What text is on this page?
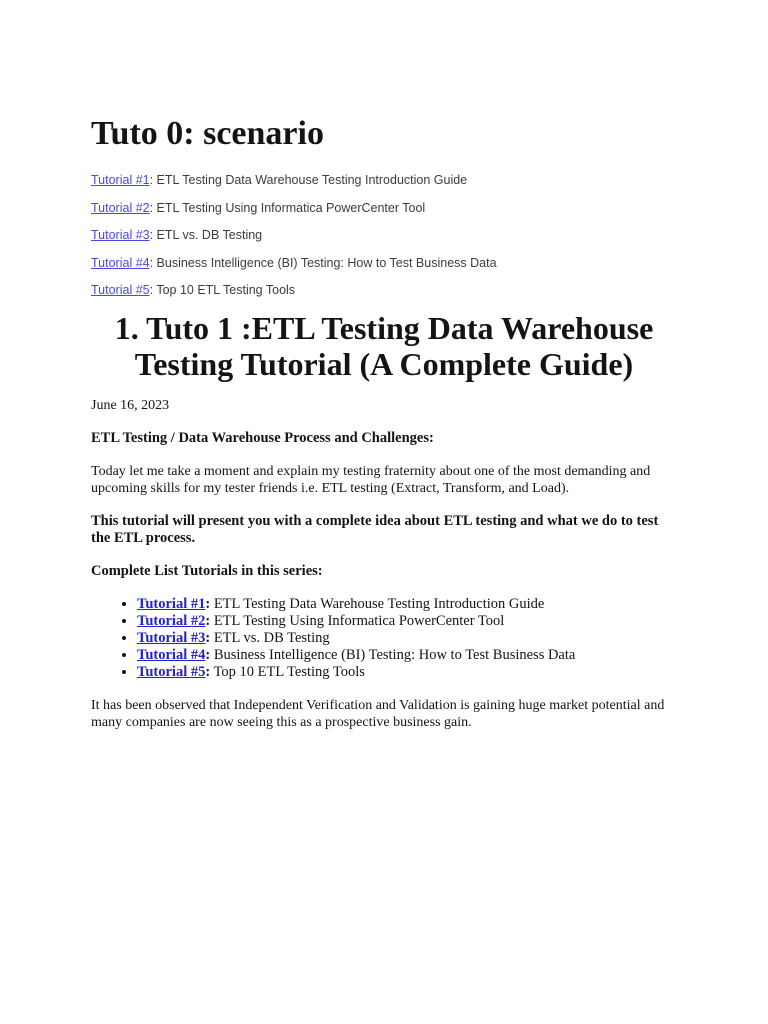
Tuto 0: scenario

Tutorial #1: ETL Testing Data Warehouse Testing Introduction Guide

Tutorial #2: ETL Testing Using Informatica PowerCenter Tool

Tutorial #3: ETL vs. DB Testing

Tutorial #4: Business Intelligence (BI) Testing: How to Test Business Data

Tutorial #5: Top 10 ETL Testing Tools

1. Tuto 1 :ETL Testing Data Warehouse Testing Tutorial (A Complete Guide)

June 16, 2023

ETL Testing / Data Warehouse Process and Challenges:

Today let me take a moment and explain my testing fraternity about one of the most demanding and upcoming skills for my tester friends i.e. ETL testing (Extract, Transform, and Load).

This tutorial will present you with a complete idea about ETL testing and what we do to test the ETL process.

Complete List Tutorials in this series:

• Tutorial #1: ETL Testing Data Warehouse Testing Introduction Guide
• Tutorial #2: ETL Testing Using Informatica PowerCenter Tool
• Tutorial #3: ETL vs. DB Testing
• Tutorial #4: Business Intelligence (BI) Testing: How to Test Business Data
• Tutorial #5: Top 10 ETL Testing Tools

It has been observed that Independent Verification and Validation is gaining huge market potential and many companies are now seeing this as a prospective business gain.
